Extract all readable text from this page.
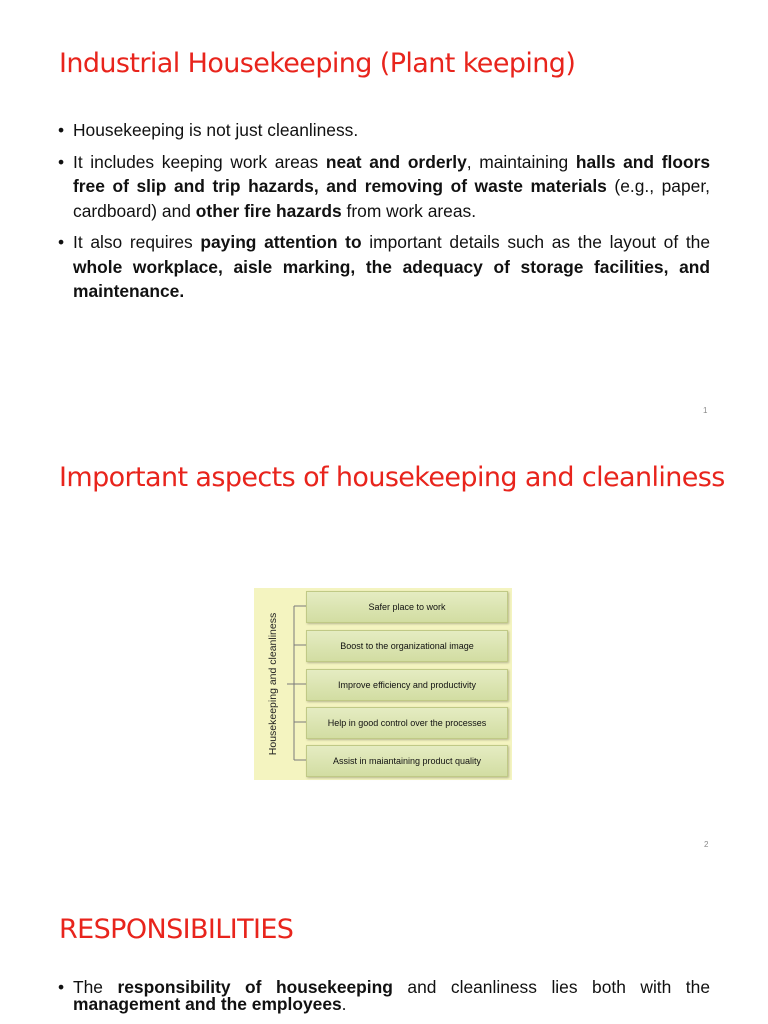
Industrial Housekeeping (Plant keeping)
• Housekeeping is not just cleanliness.
• It includes keeping work areas neat and orderly, maintaining halls and floors free of slip and trip hazards, and removing of waste materials (e.g., paper, cardboard) and other fire hazards from work areas.
• It also requires paying attention to important details such as the layout of the whole workplace, aisle marking, the adequacy of storage facilities, and maintenance.
1
Important aspects of housekeeping and cleanliness
Housekeeping and cleanliness
Safer place to work
Boost to the organizational image
Improve efficiency and productivity
Help in good control over the processes
Assist in maiantaining product quality
2
RESPONSIBILITIES
• The responsibility of housekeeping and cleanliness lies both with the management and the employees.
